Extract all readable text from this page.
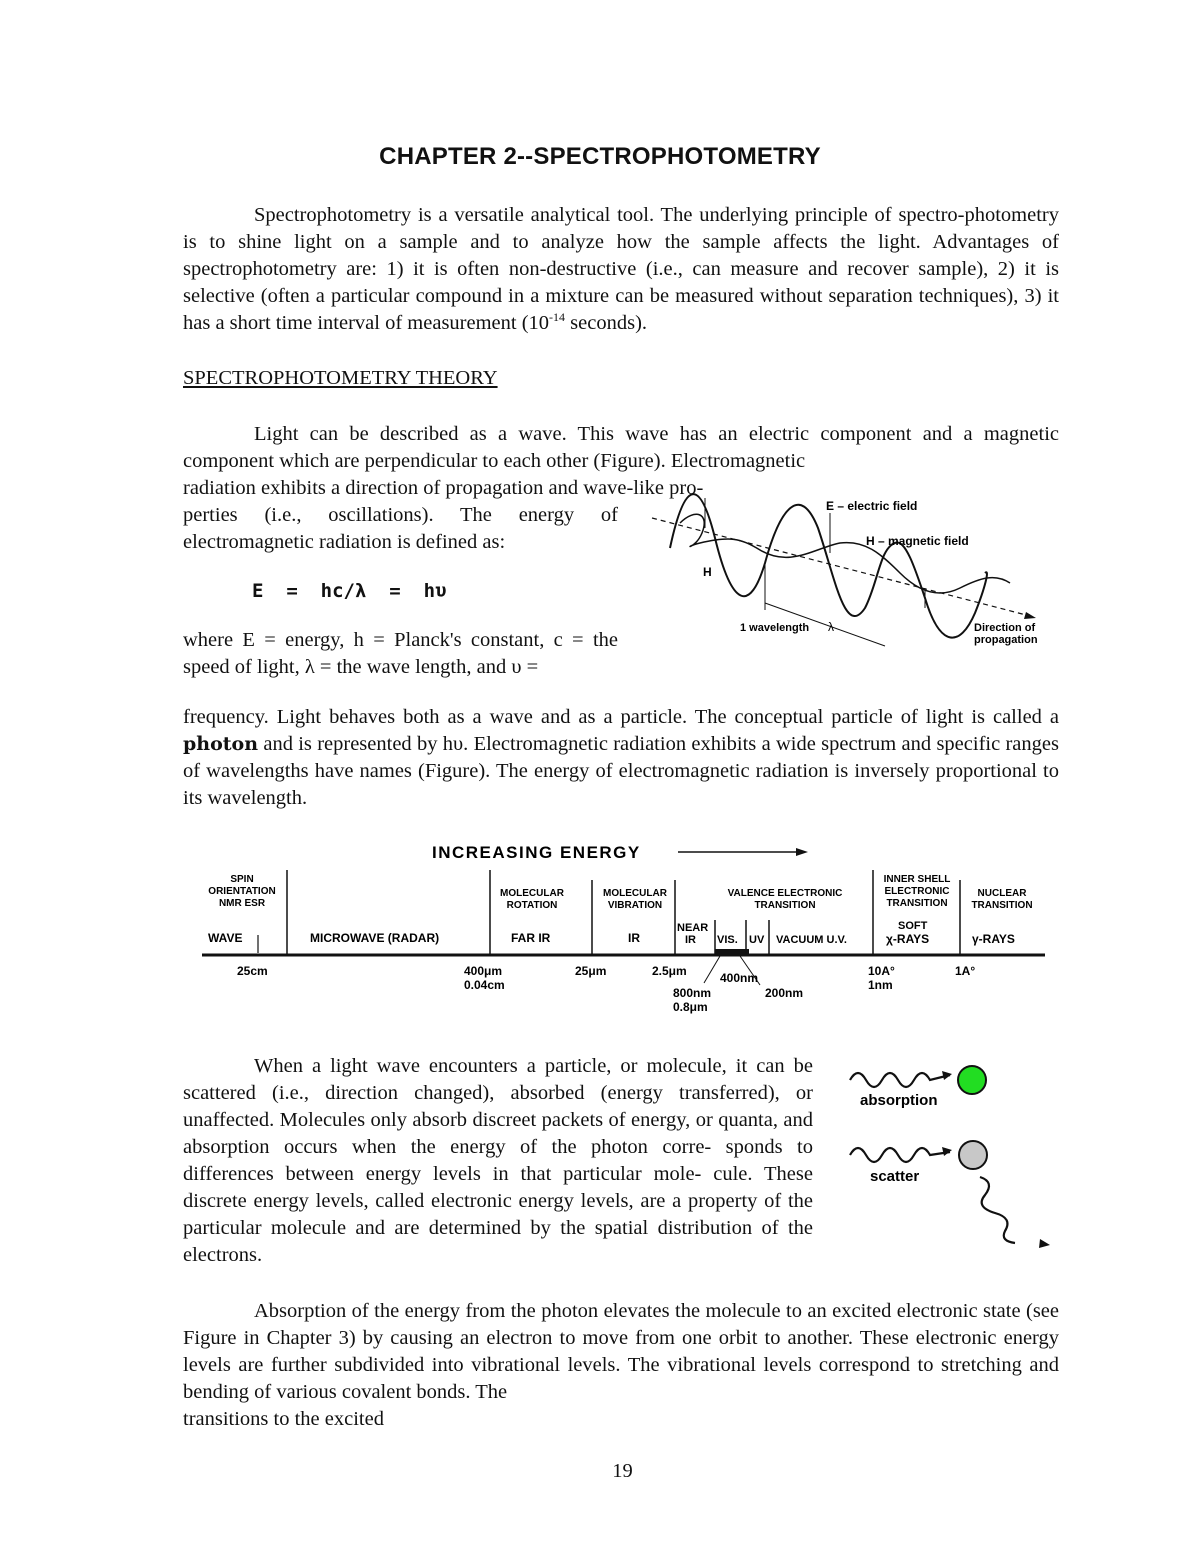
CHAPTER 2--SPECTROPHOTOMETRY
Spectrophotometry is a versatile analytical tool. The underlying principle of spectro-photometry is to shine light on a sample and to analyze how the sample affects the light. Advantages of spectrophotometry are: 1) it is often non-destructive (i.e., can measure and recover sample), 2) it is selective (often a particular compound in a mixture can be measured without separation techniques), 3) it has a short time interval of measurement ($10^{-14}$ seconds).
SPECTROPHOTOMETRY THEORY
Light can be described as a wave. This wave has an electric component and a magnetic component which are perpendicular to each other (Figure). Electromagnetic
radiation exhibits a direction of propagation and wave-like pro-
perties (i.e., oscillations). The energy of electromagnetic radiation is defined as:
E  =  hc/λ  =  hυ
where E = energy, h = Planck's constant, c = the speed of light, λ = the wave length, and υ =
frequency. Light behaves both as a wave and as a particle. The conceptual particle of light is called a photon and is represented by hυ. Electromagnetic radiation exhibits a wide spectrum and specific ranges of wavelengths have names (Figure). The energy of electromagnetic radiation is inversely proportional to its wavelength.
E – electric field
H – magnetic field
H
1 wavelength λ	Direction of
propagation
INCREASING ENERGY
SPIN
ORIENTATION
NMR ESR
MOLECULAR
ROTATION
MOLECULAR
VIBRATION
VALENCE ELECTRONIC
TRANSITION
INNER SHELL
ELECTRONIC
TRANSITION
NUCLEAR
TRANSITION
WAVE	MICROWAVE (RADAR)	FAR IR	IR
NEAR
IR VIS. UV VACUUM U.V.
SOFT
χ-RAYS	γ-RAYS
25cm	400μm
0.04cm
25μm	2.5μm
800nm
0.8μm
400nm
200nm
10A°
1nm
1A°
When a light wave encounters a particle, or molecule, it can be scattered (i.e., direction changed), absorbed (energy transferred), or unaffected. Molecules only absorb discreet packets of energy, or quanta, and absorption occurs when the energy of the photon corre- sponds to differences between energy levels in that particular mole- cule. These discrete energy levels, called electronic energy levels, are a property of the particular molecule and are determined by the spatial distribution of the electrons.
absorption
scatter
Absorption of the energy from the photon elevates the molecule to an excited electronic state (see Figure in Chapter 3) by causing an electron to move from one orbit to another. These electronic energy levels are further subdivided into vibrational levels. The vibrational levels correspond to stretching and bending of various covalent bonds. The
transitions to the excited
19
